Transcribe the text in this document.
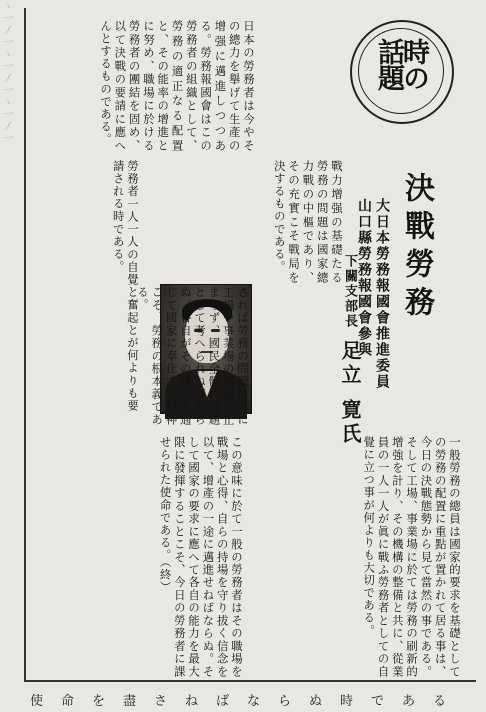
ヽ一ノ一ヽ一ノ一ヽ一ノ一	時の話題
決戰勞務
大日本勞務報國會推進委員
山口縣勞務報國會參與
下關支部長
足立 寛氏
一般勞務の總員は國家的要求を基礎としての勞務の配置に重點が置かれて居る事は、今日の決戰態勢から見て當然の事である。そして工場、事業場に於ては勞務の刷新的增強を計り、その機構の整備と共に、從業員の一人一人が眞に戰ふ勞務者としての自覺に立つ事が何よりも大切である。
この意味に於て一般の勞務者はその職場を戰場と心得、自らの持場を守り拔く信念を以て、增產の一途に邁進せねばならぬ。そして國家の要求に應へて各自の能力を最大限に發揮することこそ、今日の勞務者に課せられた使命である。（終）
戰力增强の基礎たる勞務の問題は國家總力戰の中樞であり、その充實こそ戰局を決するものである。
日本の勞務者は今やその總力を擧げて生產の增强に邁進しつつある。勞務報國會はこの勞務者の組織として、勞務の適正なる配置と、その能率の增進とに努め、職場に於ける勞務者の團結を固め、以て決戰の要請に應へんとするものである。
勞務者一人一人の自覺と奮起とが何よりも要請される時である。
されば勞務の問題は單に工場や事業場の問題に止まらず、國民全體の問題として考へられねばならぬ。各自がその職分を通じて國家に奉仕する精神こそ、勞務の根本義である。
使命を盡さねばならぬ時である
